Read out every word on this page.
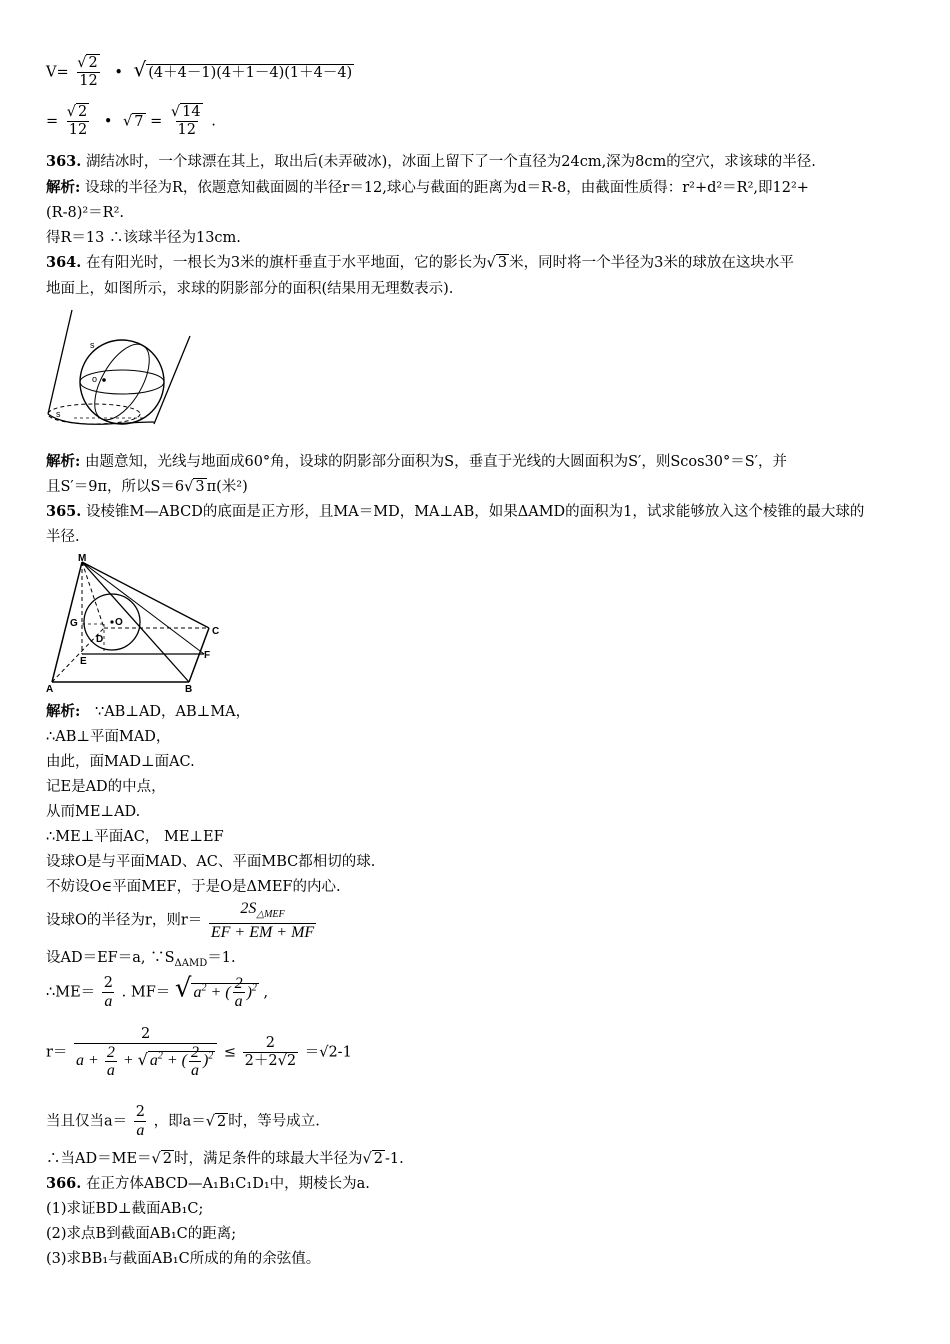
$V= \frac{√ 2}{12}$ • √ (4＋4－1)(4＋1－4)(1＋4－4)
= $\frac{√ 2}{12}$ • √ $7 = \frac{√ 14}{12}$ .
363. 湖结冰时，一个球漂在其上，取出后(未弄破冰)，冰面上留下了一个直径为24cm,深为8cm的空穴，求该球的半径.
解析: 设球的半径为R，依题意知截面圆的半径r＝12,球心与截面的距离为d＝R-8，由截面性质得：r²+d²＝R²,即12²+
(R-8)²＝R².
得R＝13 ∴该球半径为13cm.
364. 在有阳光时，一根长为3米的旗杆垂直于水平地面，它的影长为√ 3 米，同时将一个半径为3米的球放在这块水平
地面上，如图所示，求球的阴影部分的面积(结果用无理数表示).
s
o
s
解析: 由题意知，光线与地面成60°角，设球的阴影部分面积为S，垂直于光线的大圆面积为S′，则Scos30°＝S′，并
且S′＝9π，所以S＝6√ 3 π(米²)
365. 设棱锥M—ABCD的底面是正方形，且MA＝MD，MA⊥AB，如果ΔAMD的面积为1，试求能够放入这个棱锥的最大球的
半径.
M
G	O
D
C
E
F
A	B
解析: ∵AB⊥AD，AB⊥MA，
∴AB⊥平面MAD，
由此，面MAD⊥面AC.
记E是AD的中点，
从而ME⊥AD.
∴ME⊥平面AC， ME⊥EF
设球O是与平面MAD、AC、平面MBC都相切的球.
不妨设O∈平面MEF，于是O是ΔMEF的内心.
设球O的半径为r，则$r= \frac{2S_{\triangle MEF}}{EF + EM + MF}$
设AD＝EF＝a, $\because S_{\Delta AMD}=1$.
∴ME＝ $\frac{2}{a}$ . MF＝ √ $a^2$ + ( $\frac{2}{a} )^2$ ,
$r= \frac{2}{a + \frac{2}{a} + √ a^2 + ( \frac{2}{a} )^2} \le \frac{2}{2+2√2} =√2-1$
当且仅当$a= \frac{2}{a}$ ，即a＝√ 2 时，等号成立.
∴当AD＝ME＝√ 2 时，满足条件的球最大半径为√ 2 -1.
366. 在正方体ABCD—A₁B₁C₁D₁中，期棱长为a.
(1)求证BD⊥截面AB₁C;
(2)求点B到截面AB₁C的距离;
(3)求BB₁与截面AB₁C所成的角的余弦值。
